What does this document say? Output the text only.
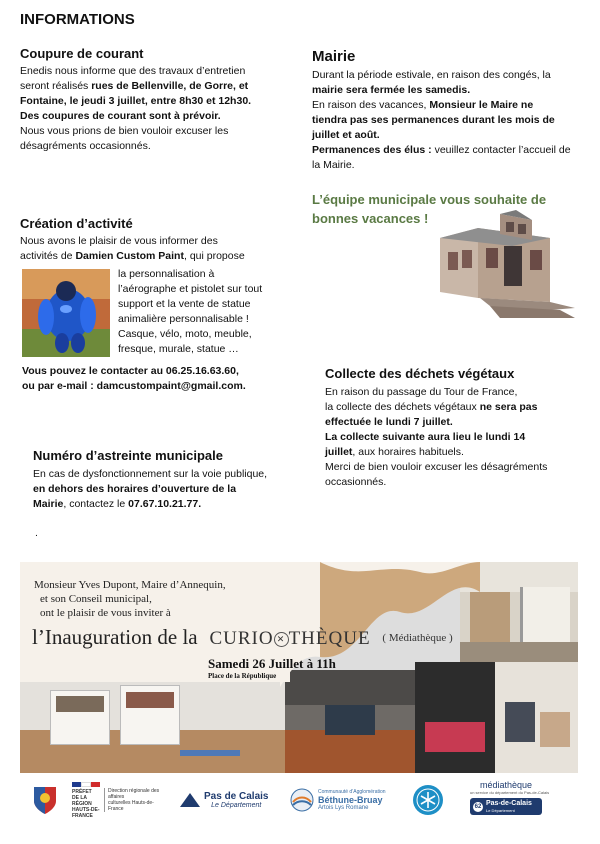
INFORMATIONS
Coupure de courant
Enedis nous informe que des travaux d’entretien
seront réalisés rues de Bellenville, de Gorre, et
Fontaine, le jeudi 3 juillet, entre 8h30 et 12h30.
Des coupures de courant sont à prévoir.
Nous vous prions de bien vouloir excuser les
désagréments occasionnés.
Mairie
Durant la période estivale, en raison des congés, la
mairie sera fermée les samedis.
En raison des vacances, Monsieur le Maire ne
tiendra pas ses permanences durant les mois de
juillet et août.
Permanences des élus : veuillez contacter l’accueil de
la Mairie.
L’équipe municipale vous souhaite de
bonnes vacances !
Création d’activité
Nous avons le plaisir de vous informer des
activités de Damien Custom Paint, qui propose
la personnalisation à
l’aérographe et pistolet sur tout
support et la vente de statue
animalière personnalisable !
Casque, vélo, moto, meuble,
fresque, murale, statue …
Vous pouvez le contacter au 06.25.16.63.60,
ou par e-mail : damcustompaint@gmail.com.
Collecte des déchets végétaux
En raison du passage du Tour de France,
la collecte des déchets végétaux ne sera pas
effectuée le lundi 7 juillet.
La collecte suivante aura lieu le lundi 14
juillet, aux horaires habituels.
Merci de bien vouloir excuser les désagréments
occasionnés.
Numéro d’astreinte municipale
En cas de dysfonctionnement sur la voie publique,
en dehors des horaires d’ouverture de la
Mairie, contactez le 07.67.10.21.77.
.
Monsieur Yves Dupont, Maire d’Annequin,
et son Conseil municipal,
ont le plaisir de vous inviter à
l’Inauguration de la CURIO ✕ THÈQUE ( Médiathèque )
Samedi 26 Juillet à 11h
Place de la République
PRÉFET
DE LA RÉGION
HAUTS-DE-FRANCE
Direction régionale des affaires
culturelles Hauts-de-France
Pas de Calais
Le Département
Communauté d’Agglomération
Béthune-Bruay
Artois Lys Romane
médiathèque
un service du département du Pas-de-Calais
62 Pas-de-Calais
Le Département
